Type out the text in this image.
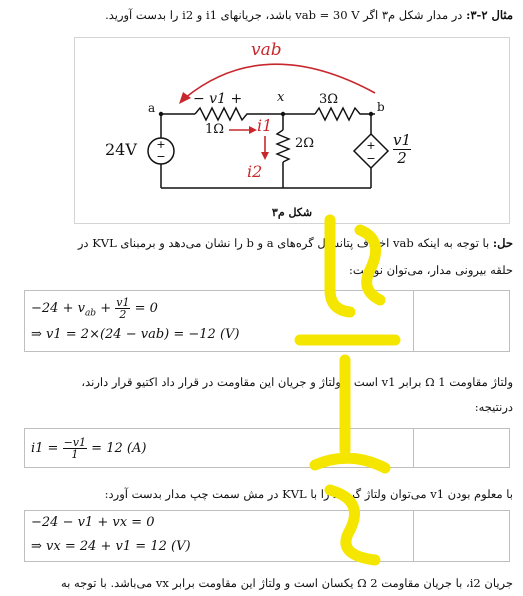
مثال ۲-۳: در مدار شکل م۳ اگر vab = 30 V باشد، جریانهای i1 و i2 را بدست آورید.
+
−
+
−
vab
a
x
b
− v1 +
1Ω i1
3Ω
2Ω
i2
24V	$\frac{v1}{2}$
شکل م۳
حل: با توجه به اینکه vab اختلاف پتانسیل گره‌های a و b را نشان می‌دهد و برمبنای KVL در
حلقه بیرونی مدار، می‌توان نوشت:
$-24 + v_{ab} + \frac{v1}{2} = 0$
⇒ v1 = 2×(24 − vab) = −12 (V)
ولتاژ مقاومت 1 Ω برابر v1 است و ولتاژ و جریان این مقاومت در قرار داد اکتیو قرار دارند،
درنتیجه:
$i1 = \frac{-v1}{1} = 12$ (A)
با معلوم بودن v1 می‌توان ولتاژ گره x را با KVL در مش سمت چپ مدار بدست آورد:
−24 − v1 + vx = 0
⇒ vx = 24 + v1 = 12 (V)
جریان i2، با جریان مقاومت 2 Ω یکسان است و ولتاژ این مقاومت برابر vx می‌باشد. با توجه به
